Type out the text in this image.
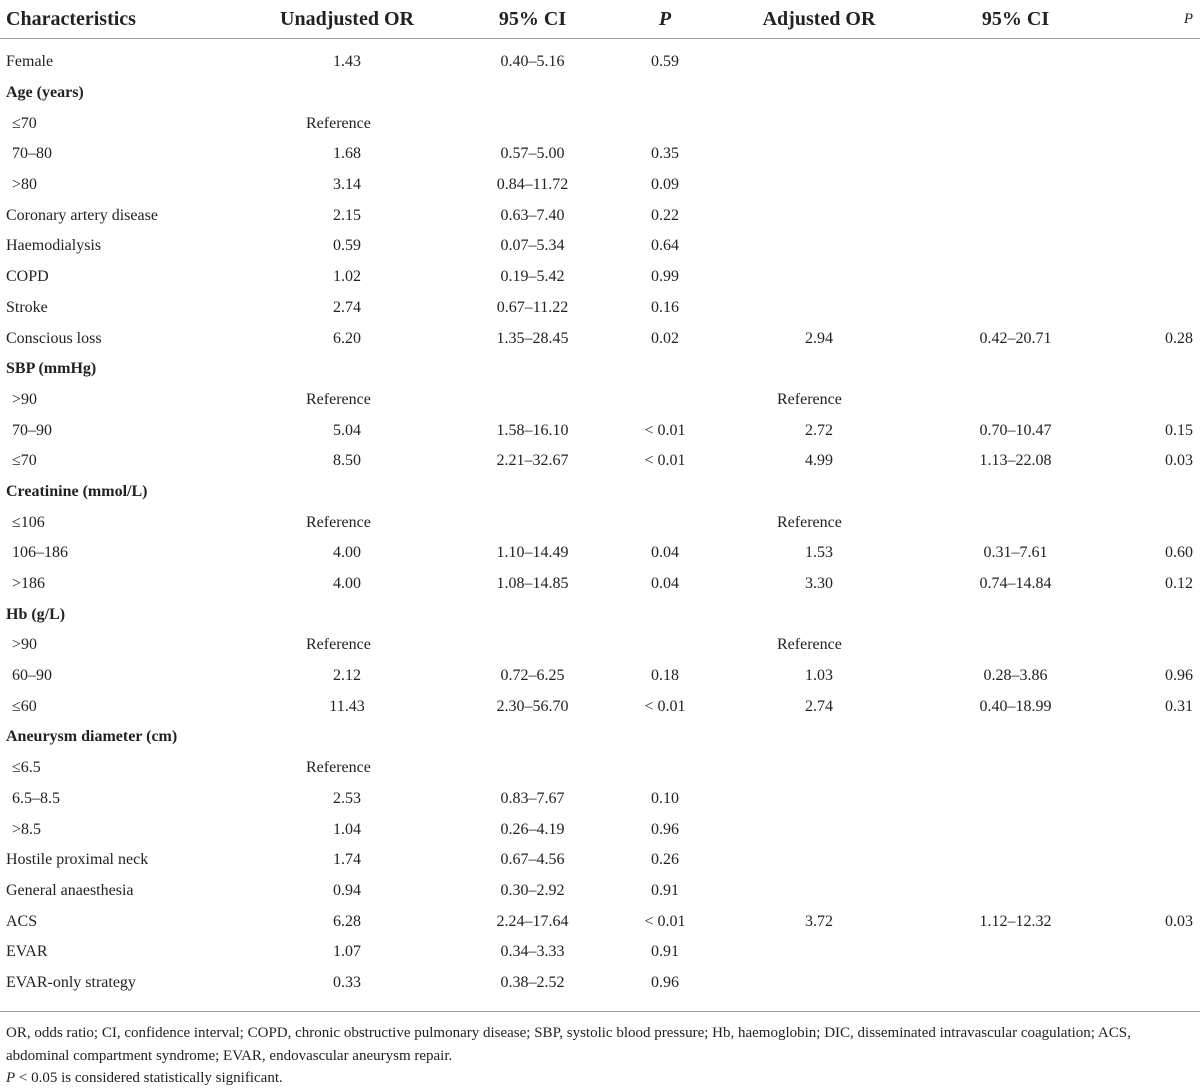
Characteristics	Unadjusted OR	95% CI	P	Adjusted OR	95% CI	P
Female	1.43	0.40–5.16	0.59			
Age (years)						
≤70	Reference					
70–80	1.68	0.57–5.00	0.35			
>80	3.14	0.84–11.72	0.09			
Coronary artery disease	2.15	0.63–7.40	0.22			
Haemodialysis	0.59	0.07–5.34	0.64			
COPD	1.02	0.19–5.42	0.99			
Stroke	2.74	0.67–11.22	0.16			
Conscious loss	6.20	1.35–28.45	0.02	2.94	0.42–20.71	0.28
SBP (mmHg)						
>90	Reference			Reference		
70–90	5.04	1.58–16.10	< 0.01	2.72	0.70–10.47	0.15
≤70	8.50	2.21–32.67	< 0.01	4.99	1.13–22.08	0.03
Creatinine (mmol/L)						
≤106	Reference			Reference		
106–186	4.00	1.10–14.49	0.04	1.53	0.31–7.61	0.60
>186	4.00	1.08–14.85	0.04	3.30	0.74–14.84	0.12
Hb (g/L)						
>90	Reference			Reference		
60–90	2.12	0.72–6.25	0.18	1.03	0.28–3.86	0.96
≤60	11.43	2.30–56.70	< 0.01	2.74	0.40–18.99	0.31
Aneurysm diameter (cm)						
≤6.5	Reference					
6.5–8.5	2.53	0.83–7.67	0.10			
>8.5	1.04	0.26–4.19	0.96			
Hostile proximal neck	1.74	0.67–4.56	0.26			
General anaesthesia	0.94	0.30–2.92	0.91			
ACS	6.28	2.24–17.64	< 0.01	3.72	1.12–12.32	0.03
EVAR	1.07	0.34–3.33	0.91			
EVAR-only strategy	0.33	0.38–2.52	0.96			

OR, odds ratio; CI, confidence interval; COPD, chronic obstructive pulmonary disease; SBP, systolic blood pressure; Hb, haemoglobin; DIC, disseminated intravascular coagulation; ACS, abdominal compartment syndrome; EVAR, endovascular aneurysm repair.

P < 0.05 is considered statistically significant.
